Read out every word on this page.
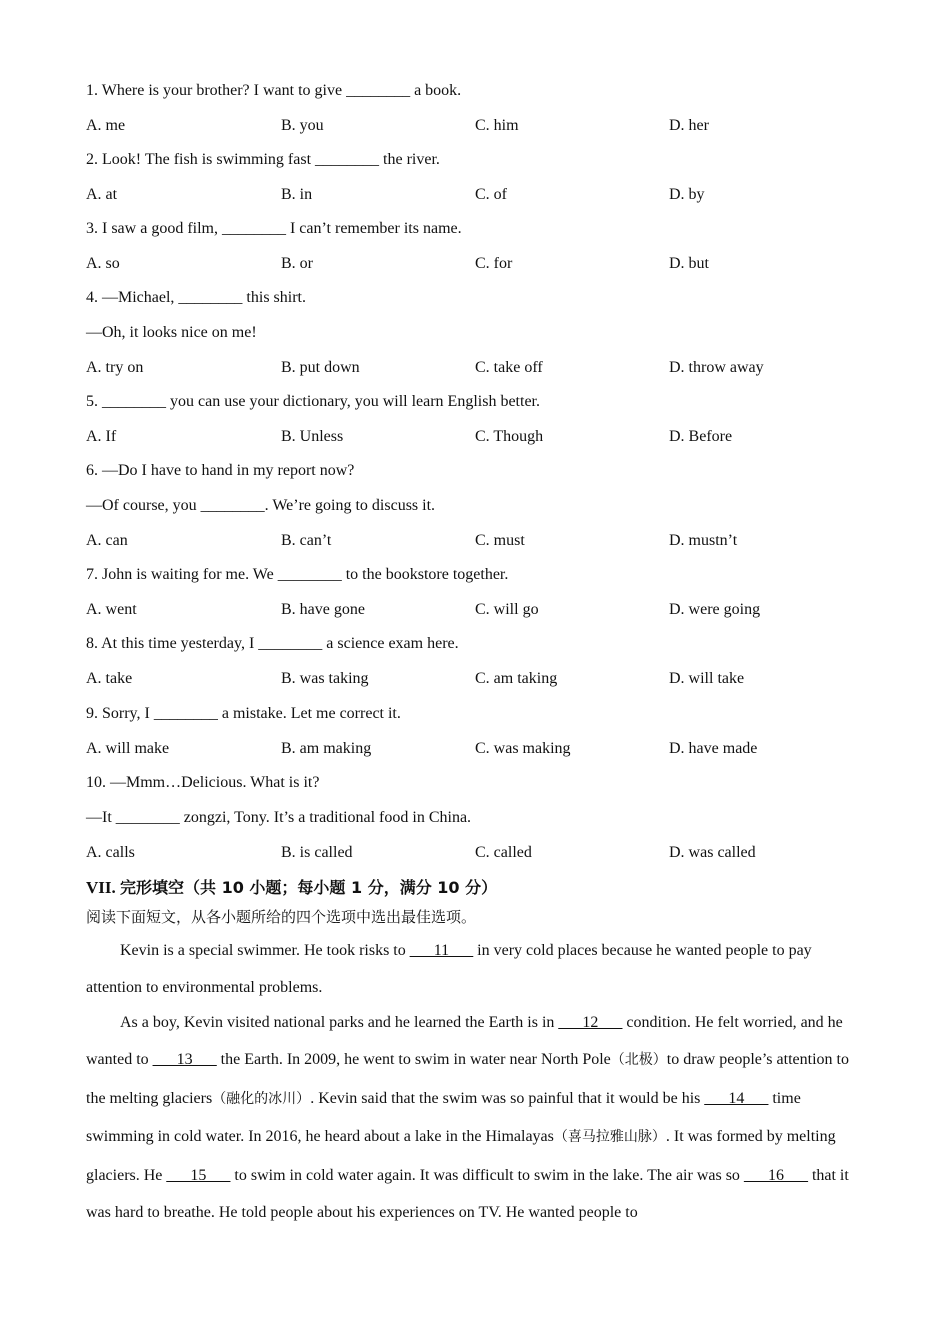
1. Where is your brother? I want to give ________ a book.
A. me	B. you	C. him	D. her
2. Look! The fish is swimming fast ________ the river.
A. at	B. in	C. of	D. by
3. I saw a good film, ________ I can’t remember its name.
A. so	B. or	C. for	D. but
4. —Michael, ________ this shirt.
—Oh, it looks nice on me!
A. try on	B. put down	C. take off	D. throw away
5. ________ you can use your dictionary, you will learn English better.
A. If	B. Unless	C. Though	D. Before
6. —Do I have to hand in my report now?
—Of course, you ________. We’re going to discuss it.
A. can	B. can’t	C. must	D. mustn’t
7. John is waiting for me. We ________ to the bookstore together.
A. went	B. have gone	C. will go	D. were going
8. At this time yesterday, I ________ a science exam here.
A. take	B. was taking	C. am taking	D. will take
9. Sorry, I ________ a mistake. Let me correct it.
A. will make	B. am making	C. was making	D. have made
10. —Mmm…Delicious. What is it?
—It ________ zongzi, Tony. It’s a traditional food in China.
A. calls	B. is called	C. called	D. was called
VII. 完形填空（共 10 小题；每小题 1 分，满分 10 分）
阅读下面短文，从各小题所给的四个选项中选出最佳选项。
Kevin is a special swimmer. He took risks to ___11___ in very cold places because he wanted people to pay attention to environmental problems.
As a boy, Kevin visited national parks and he learned the Earth is in ___12___ condition. He felt worried, and he wanted to ___13___ the Earth. In 2009, he went to swim in water near North Pole（北极）to draw people’s attention to the melting glaciers（融化的冰川）. Kevin said that the swim was so painful that it would be his ___14___ time swimming in cold water. In 2016, he heard about a lake in the Himalayas（喜马拉雅山脉）. It was formed by melting glaciers. He ___15___ to swim in cold water again. It was difficult to swim in the lake. The air was so ___16___ that it was hard to breathe. He told people about his experiences on TV. He wanted people to
